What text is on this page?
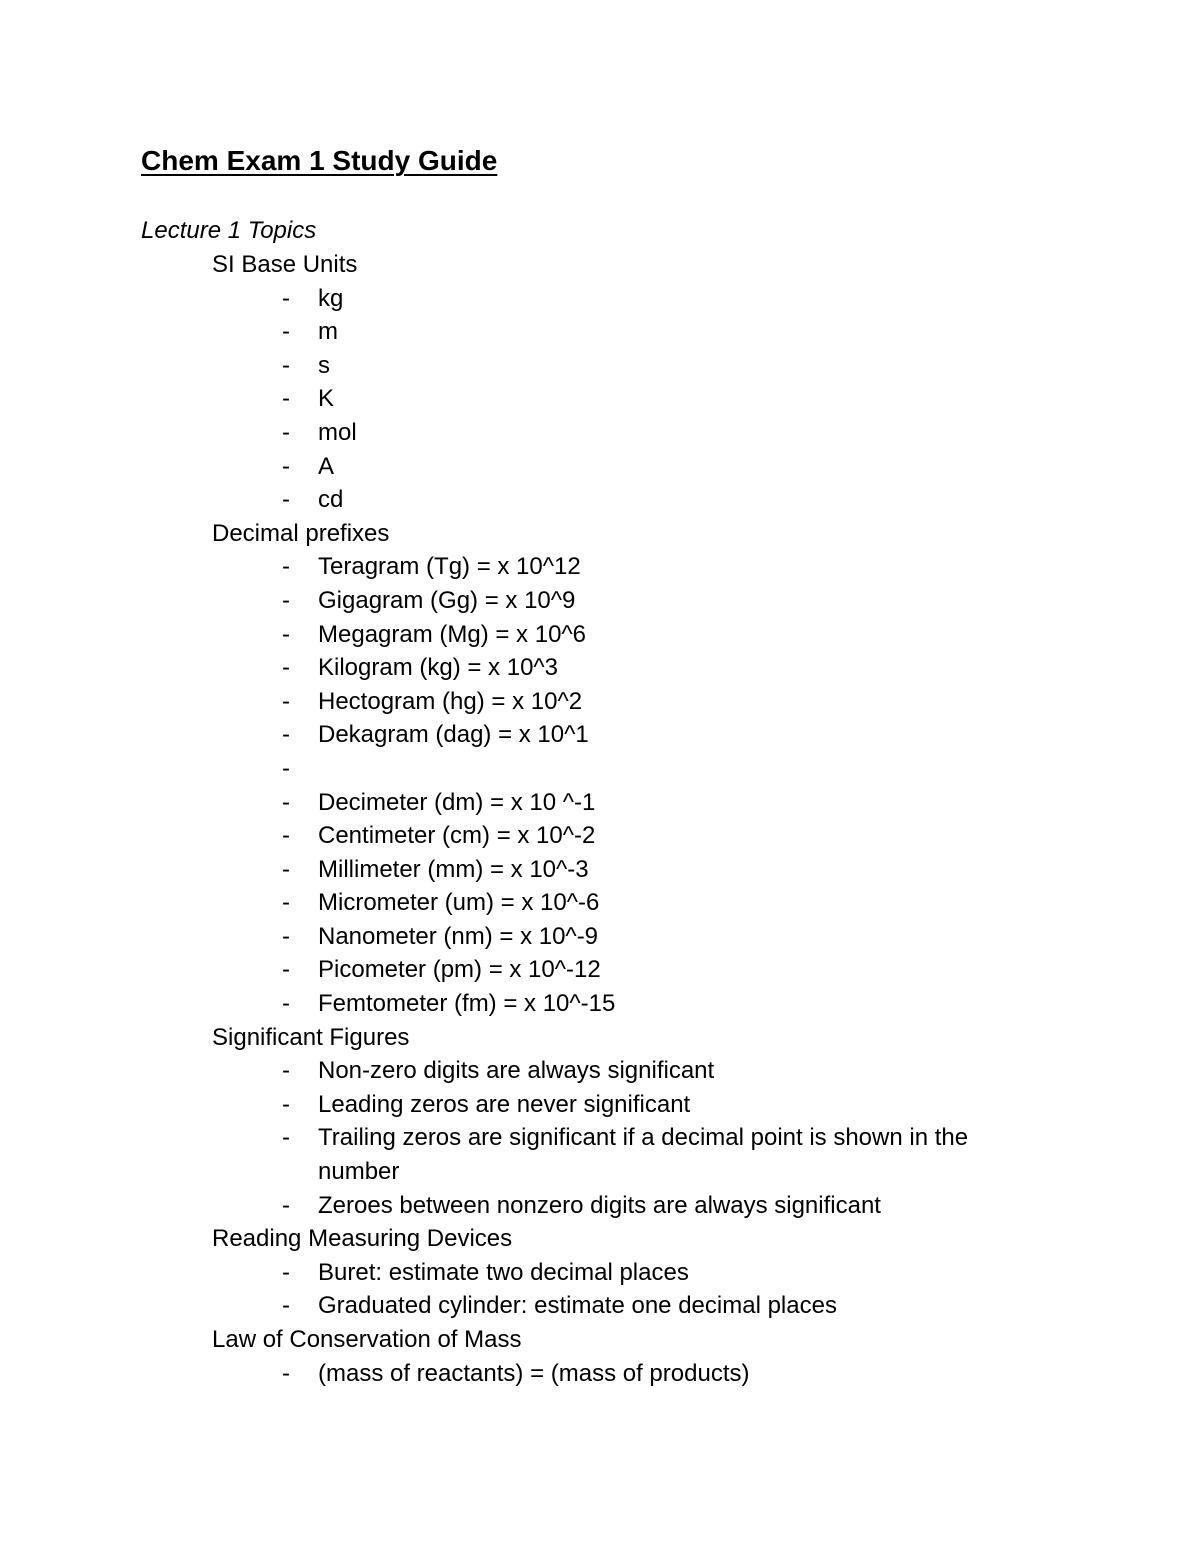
Chem Exam 1 Study Guide
Lecture 1 Topics
SI Base Units
-	kg
-	m
-	s
-	K
-	mol
-	A
-	cd
Decimal prefixes
-	Teragram (Tg) = x 10^12
-	Gigagram (Gg) = x 10^9
-	Megagram (Mg) = x 10^6
-	Kilogram (kg) = x 10^3
-	Hectogram (hg) = x 10^2
-	Dekagram (dag) = x 10^1
-
-	Decimeter (dm) = x 10 ^-1
-	Centimeter (cm) = x 10^-2
-	Millimeter (mm) = x 10^-3
-	Micrometer (um) = x 10^-6
-	Nanometer (nm) = x 10^-9
-	Picometer (pm) = x 10^-12
-	Femtometer (fm) = x 10^-15
Significant Figures
-	Non-zero digits are always significant
-	Leading zeros are never significant
-	Trailing zeros are significant if a decimal point is shown in the number
-	Zeroes between nonzero digits are always significant
Reading Measuring Devices
-	Buret: estimate two decimal places
-	Graduated cylinder: estimate one decimal places
Law of Conservation of Mass
-	(mass of reactants) = (mass of products)
